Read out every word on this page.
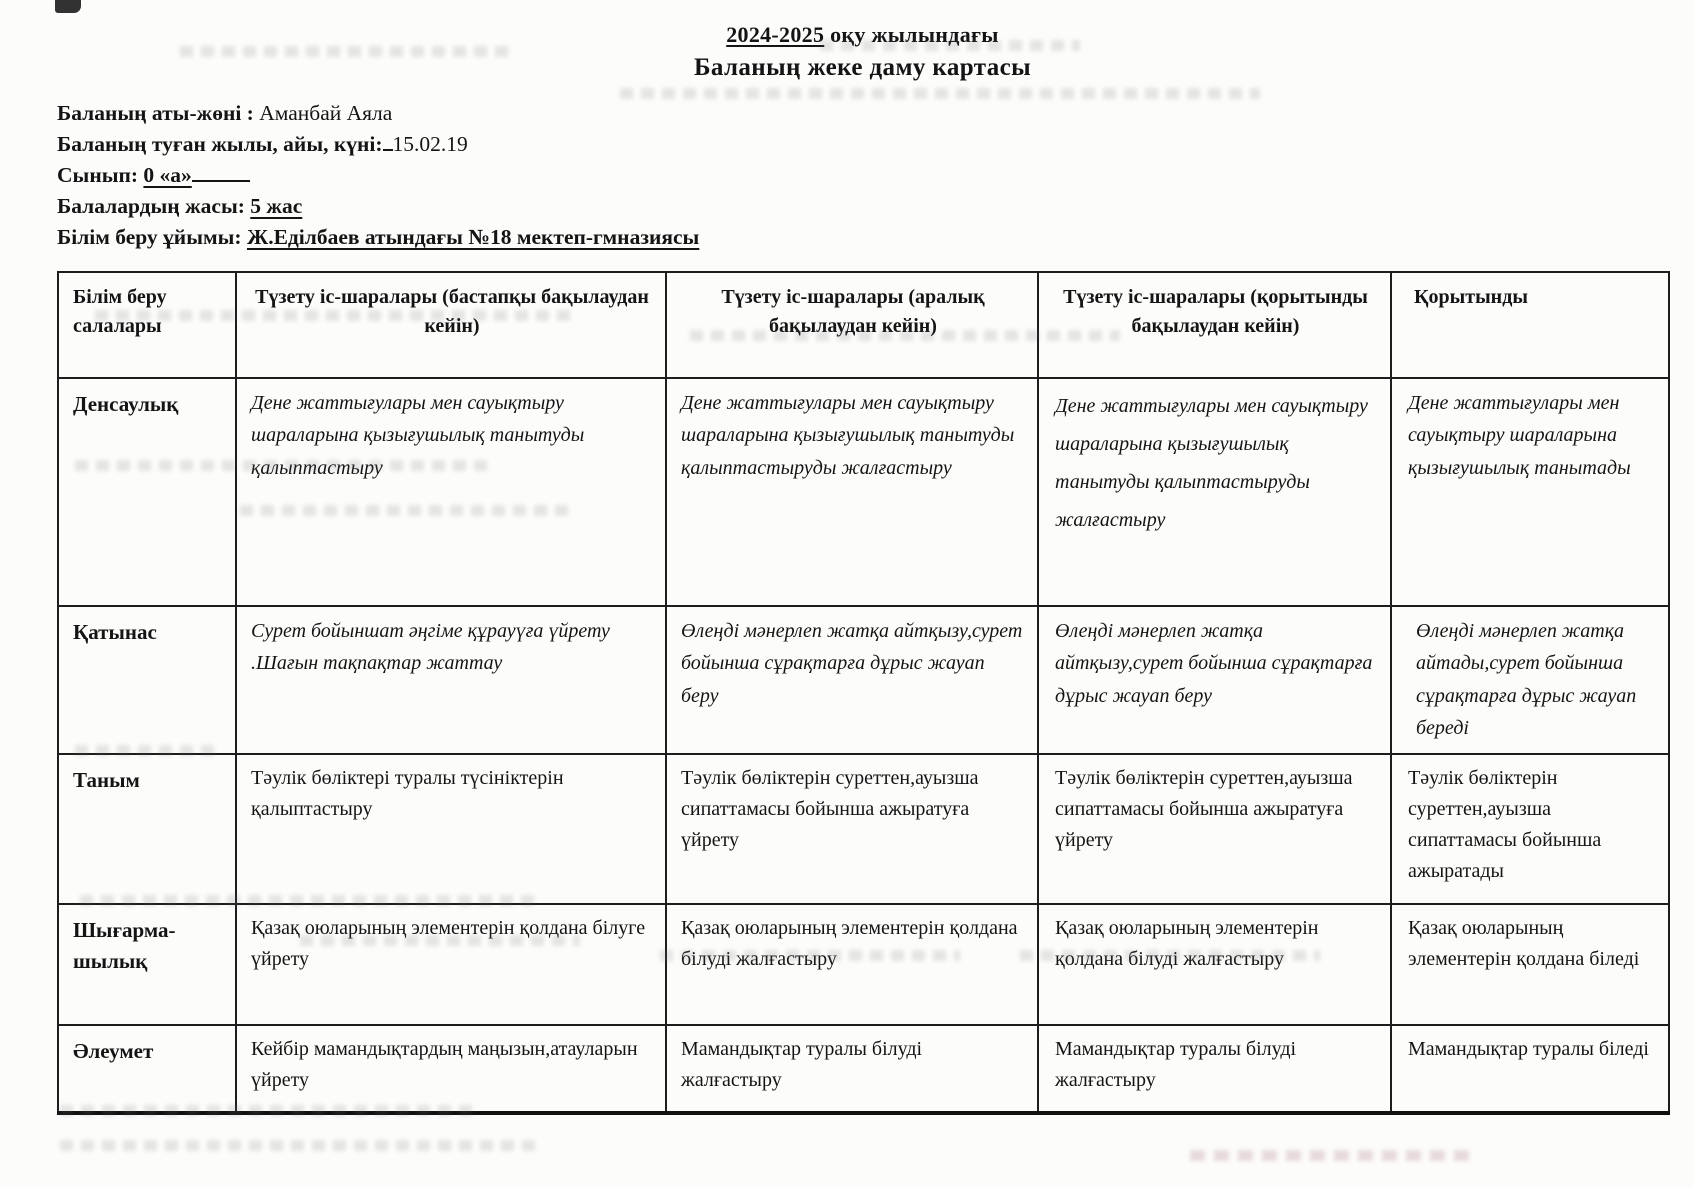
2024-2025 оқу жылындағы
Баланың жеке даму картасы
Баланың аты-жөні : Аманбай Аяла
Баланың туған жылы, айы, күні: 15.02.19
Сынып: 0 «а»
Балалардың жасы: 5 жас
Білім беру ұйымы: Ж.Еділбаев атындағы №18 мектеп-гмназиясы
Білім беру салалары	Түзету іс-шаралары (бастапқы бақылаудан кейін)	Түзету іс-шаралары (аралық бақылаудан кейін)	Түзету іс-шаралары (қорытынды бақылаудан кейін)	Қорытынды
Денсаулық	Дене жаттығулары мен сауықтыру шараларына қызығушылық танытуды қалыптастыру	Дене жаттығулары мен сауықтыру шараларына қызығушылық танытуды қалыптастыруды жалғастыру	Дене жаттығулары мен сауықтыру шараларына қызығушылық танытуды қалыптастыруды жалғастыру	Дене жаттығулары мен сауықтыру шараларына қызығушылық танытады
Қатынас	Сурет бойыншат әңгіме құрауүға үйрету .Шағын тақпақтар жаттау	Өлеңді мәнерлеп жатқа айтқызу,сурет бойынша сұрақтарға дұрыс жауап беру	Өлеңді мәнерлеп жатқа айтқызу,сурет бойынша сұрақтарға дұрыс жауап беру	Өлеңді мәнерлеп жатқа айтады,сурет бойынша сұрақтарға дұрыс жауап береді
Таным	Тәулік бөліктері туралы түсініктерін қалыптастыру	Тәулік бөліктерін суреттен,ауызша сипаттамасы бойынша ажыратуға үйрету	Тәулік бөліктерін суреттен,ауызша сипаттамасы бойынша ажыратуға үйрету	Тәулік бөліктерін суреттен,ауызша сипаттамасы бойынша ажыратады
Шығарма-шылық	Қазақ оюларының элементерін қолдана білуге үйрету	Қазақ оюларының элементерін қолдана білуді жалғастыру	Қазақ оюларының элементерін қолдана білуді жалғастыру	Қазақ оюларының элементерін қолдана біледі
Әлеумет	Кейбір мамандықтардың маңызын,атауларын үйрету	Мамандықтар туралы білуді жалғастыру	Мамандықтар туралы білуді жалғастыру	Мамандықтар туралы біледі
